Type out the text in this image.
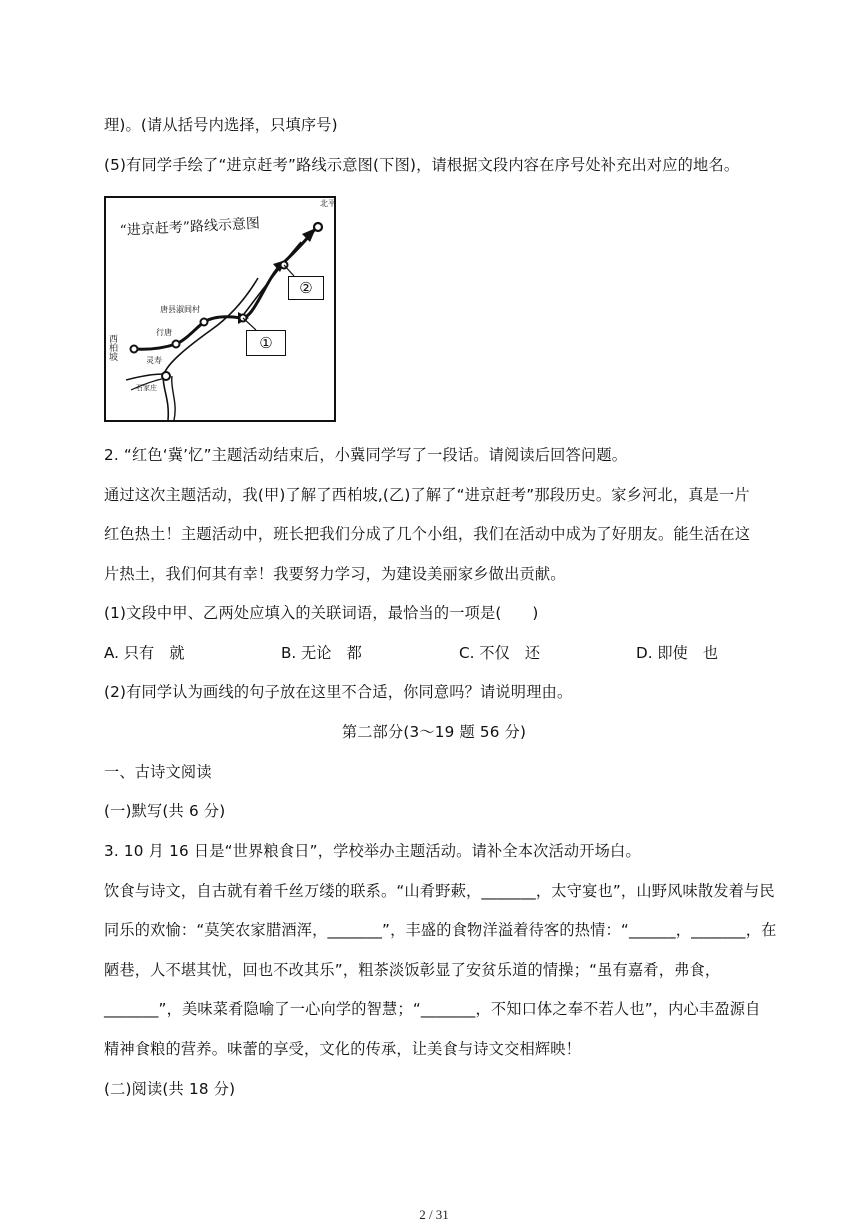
理)。(请从括号内选择，只填序号)
(5)有同学手绘了“进京赶考”路线示意图(下图)，请根据文段内容在序号处补充出对应的地名。
“进京赶考”路线示意图
北平
西柏坡
行唐
灵寿
唐县淑闾村
石家庄
②
①
2. “红色‘冀’忆”主题活动结束后，小冀同学写了一段话。请阅读后回答问题。
通过这次主题活动，我(甲)了解了西柏坡,(乙)了解了“进京赶考”那段历史。家乡河北，真是一片
红色热土！主题活动中，班长把我们分成了几个小组，我们在活动中成为了好朋友。能生活在这
片热土，我们何其有幸！我要努力学习，为建设美丽家乡做出贡献。
(1)文段中甲、乙两处应填入的关联词语，最恰当的一项是(　　)
A. 只有　就	B. 无论　都	C. 不仅　还	D. 即使　也
(2)有同学认为画线的句子放在这里不合适，你同意吗？请说明理由。
第二部分(3～19 题 56 分)
一、古诗文阅读
(一)默写(共 6 分)
3. 10 月 16 日是“世界粮食日”，学校举办主题活动。请补全本次活动开场白。
饮食与诗文，自古就有着千丝万缕的联系。“山肴野蔌，_______，太守宴也”，山野风味散发着与民
同乐的欢愉：“莫笑农家腊酒浑，_______”，丰盛的食物洋溢着待客的热情：“______，_______，在
陋巷，人不堪其忧，回也不改其乐”，粗茶淡饭彰显了安贫乐道的情操；“虽有嘉肴，弗食，
_______”，美味菜肴隐喻了一心向学的智慧；“_______，不知口体之奉不若人也”，内心丰盈源自
精神食粮的营养。味蕾的享受，文化的传承，让美食与诗文交相辉映！
(二)阅读(共 18 分)
2 / 31
